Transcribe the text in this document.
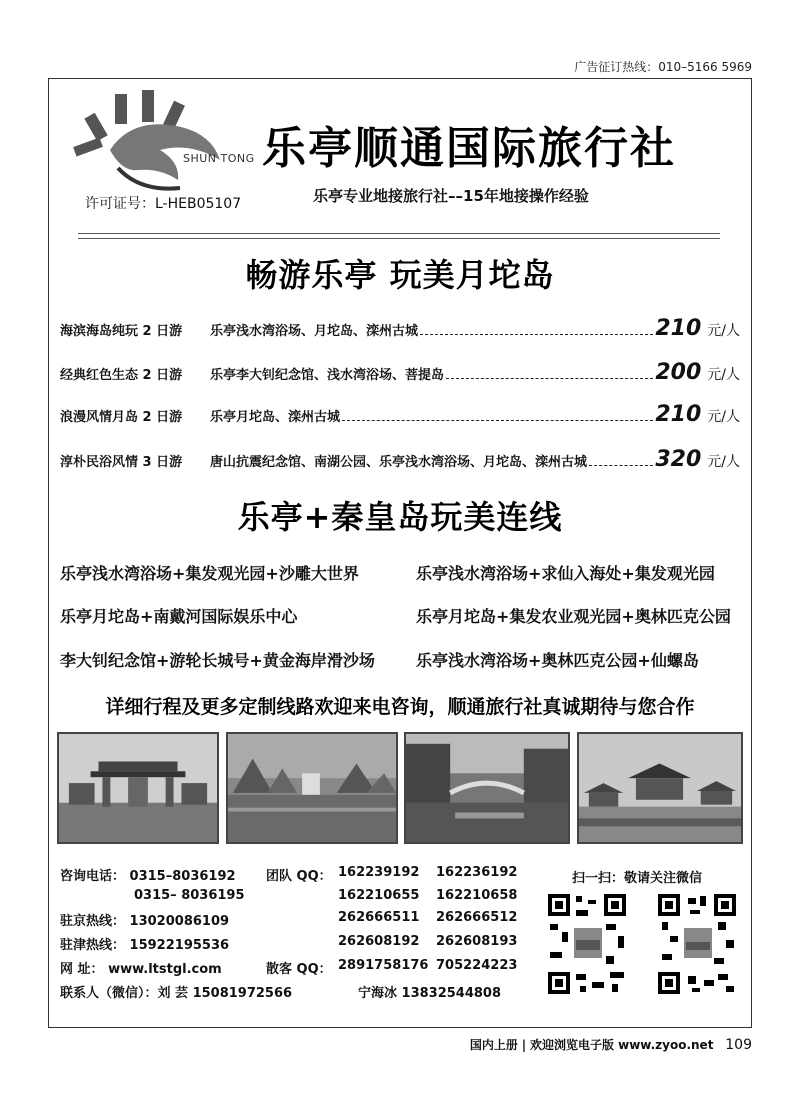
广告征订热线：010–5166 5969
SHUN TONG
许可证号：L-HEB05107
乐亭顺通国际旅行社
乐亭专业地接旅行社––15年地接操作经验
畅游乐亭 玩美月坨岛
海滨海岛纯玩 2 日游	乐亭浅水湾浴场、月坨岛、滦州古城	210 元/人
经典红色生态 2 日游	乐亭李大钊纪念馆、浅水湾浴场、菩提岛	200 元/人
浪漫风情月岛 2 日游	乐亭月坨岛、滦州古城	210 元/人
淳朴民浴风情 3 日游	唐山抗震纪念馆、南湖公园、乐亭浅水湾浴场、月坨岛、滦州古城	320 元/人
乐亭+秦皇岛玩美连线
乐亭浅水湾浴场+集发观光园+沙雕大世界	乐亭浅水湾浴场+求仙入海处+集发观光园
乐亭月坨岛+南戴河国际娱乐中心	乐亭月坨岛+集发农业观光园+奥林匹克公园
李大钊纪念馆+游轮长城号+黄金海岸滑沙场	乐亭浅水湾浴场+奥林匹克公园+仙螺岛
详细行程及更多定制线路欢迎来电咨询，顺通旅行社真诚期待与您合作
咨询电话： 0315–8036192
0315– 8036195
驻京热线： 13020086109
驻津热线： 15922195536
网 址： www.ltstgl.com
联系人（微信）：刘 芸 15081972566	宁海冰 13832544808
团队 QQ： 162239192 162236192
162210655 162210658
262666511 262666512
262608192 262608193
散客 QQ： 2891758176 705224223
扫一扫：敬请关注微信
国内上册 | 欢迎浏览电子版 www.zyoo.net 109
